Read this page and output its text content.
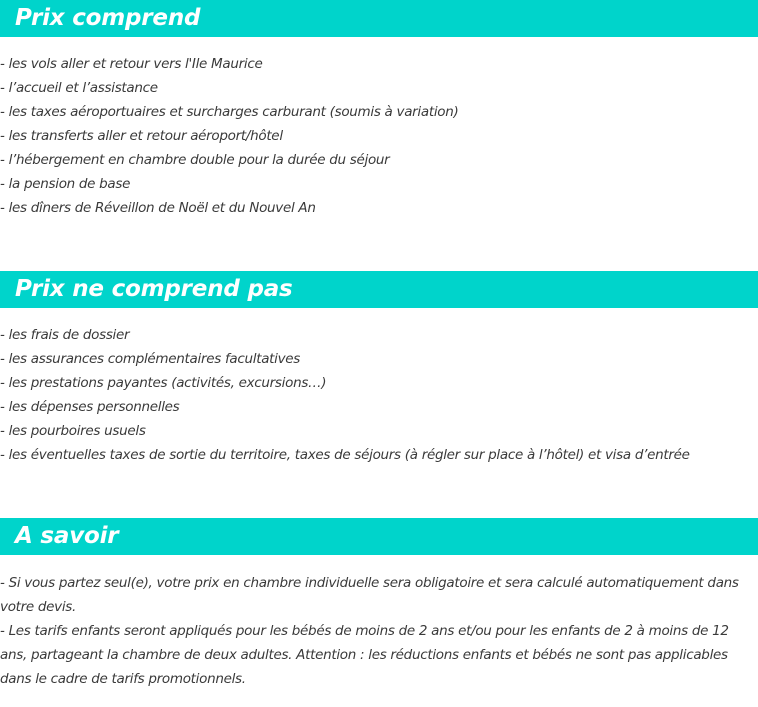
Prix comprend
- les vols aller et retour vers l'Ile Maurice
- l’accueil et l’assistance
- les taxes aéroportuaires et surcharges carburant (soumis à variation)
- les transferts aller et retour aéroport/hôtel
- l’hébergement en chambre double pour la durée du séjour
- la pension de base
- les dîners de Réveillon de Noël et du Nouvel An
Prix ne comprend pas
- les frais de dossier
- les assurances complémentaires facultatives
- les prestations payantes (activités, excursions…)
- les dépenses personnelles
- les pourboires usuels
- les éventuelles taxes de sortie du territoire, taxes de séjours (à régler sur place à l’hôtel) et visa d’entrée
A savoir

- Si vous partez seul(e), votre prix en chambre individuelle sera obligatoire et sera calculé automatiquement dans votre devis.

- Les tarifs enfants seront appliqués pour les bébés de moins de 2 ans et/ou pour les enfants de 2 à moins de 12 ans, partageant la chambre de deux adultes. Attention : les réductions enfants et bébés ne sont pas applicables dans le cadre de tarifs promotionnels.
